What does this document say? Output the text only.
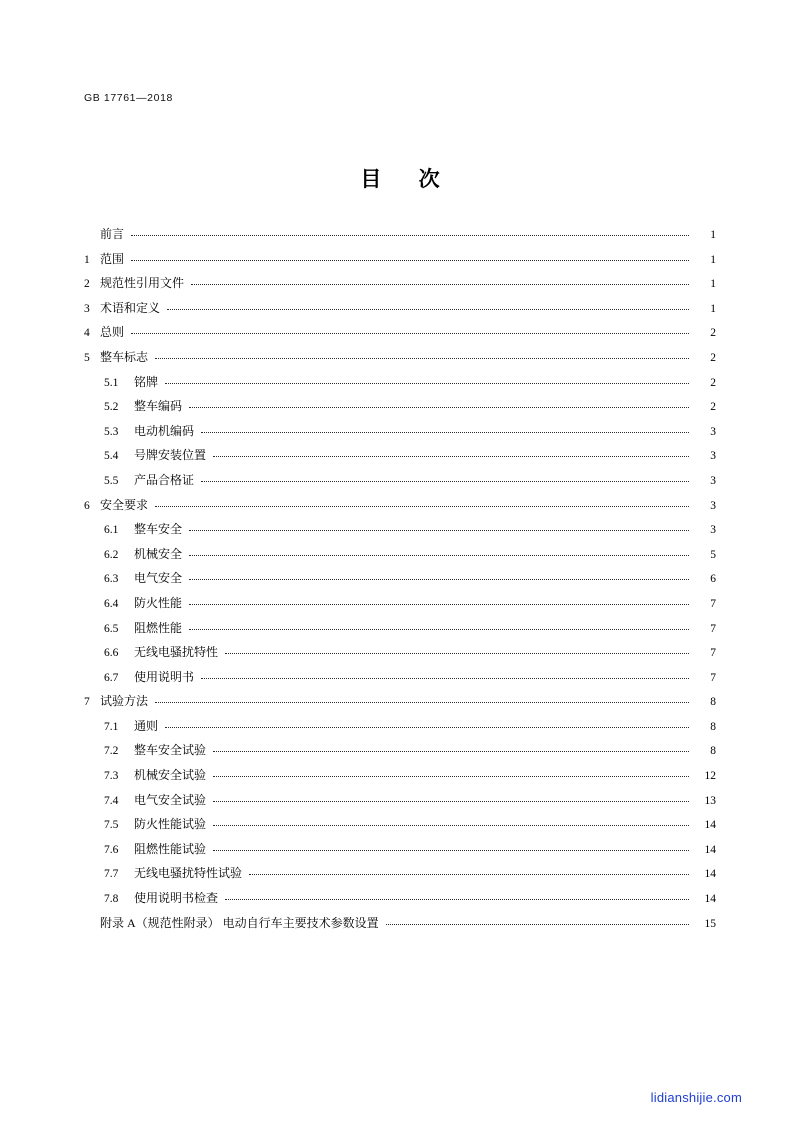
GB 17761—2018
目 次
前言	1
1 范围	1
2 规范性引用文件	1
3 术语和定义	1
4 总则	2
5 整车标志	2
5.1	铭牌	2
5.2	整车编码	2
5.3	电动机编码	3
5.4	号牌安装位置	3
5.5	产品合格证	3
6 安全要求	3
6.1	整车安全	3
6.2	机械安全	5
6.3	电气安全	6
6.4	防火性能	7
6.5	阻燃性能	7
6.6	无线电骚扰特性	7
6.7	使用说明书	7
7 试验方法	8
7.1	通则	8
7.2	整车安全试验	8
7.3	机械安全试验	12
7.4	电气安全试验	13
7.5	防火性能试验	14
7.6	阻燃性能试验	14
7.7	无线电骚扰特性试验	14
7.8	使用说明书检查	14
附录 A（规范性附录） 电动自行车主要技术参数设置	15
lidianshijie.com
